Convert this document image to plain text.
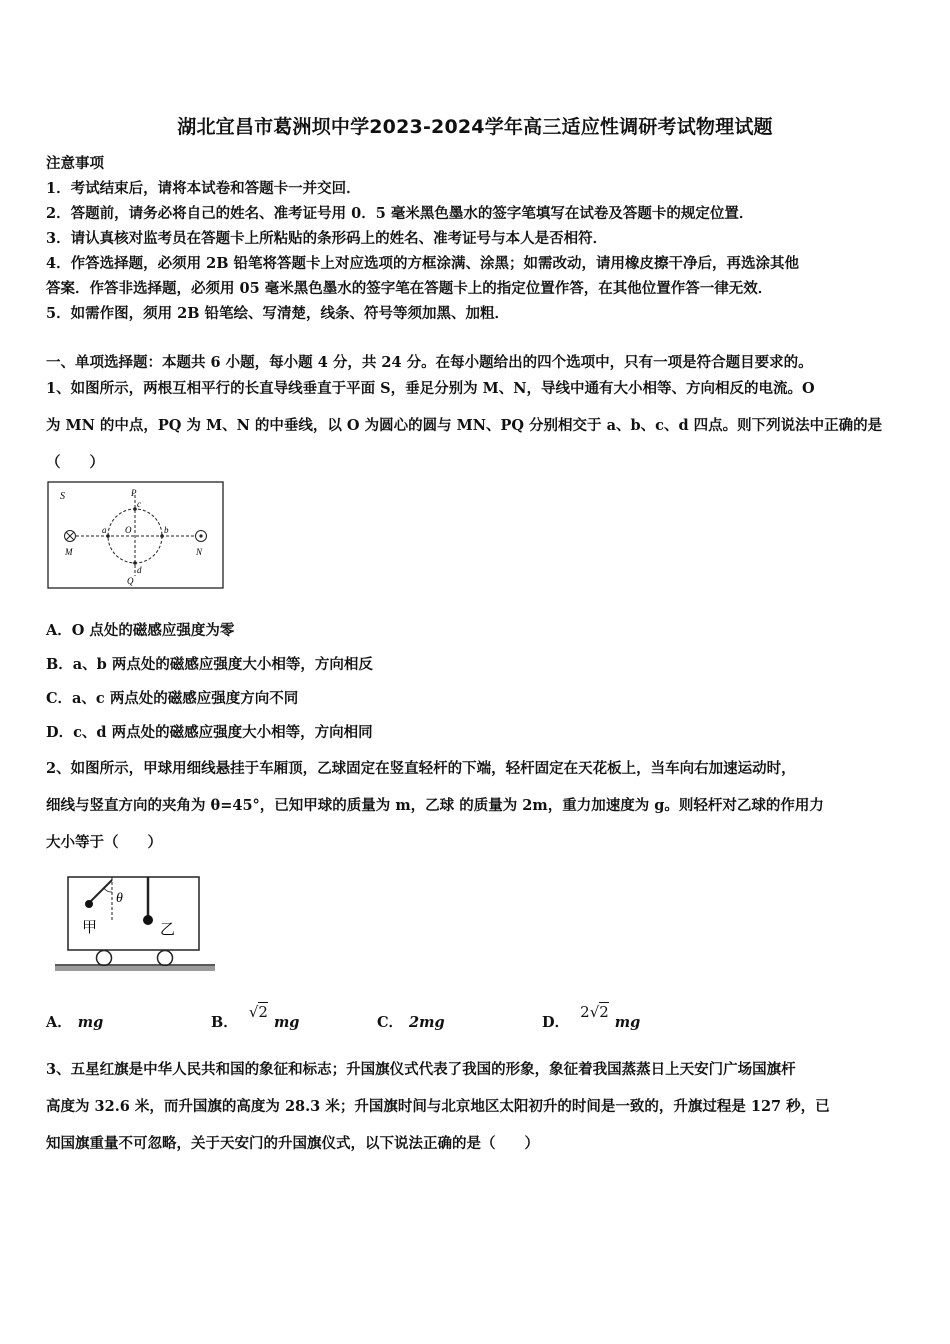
湖北宜昌市葛洲坝中学2023-2024学年高三适应性调研考试物理试题
注意事项
1．考试结束后，请将本试卷和答题卡一并交回．
2．答题前，请务必将自己的姓名、准考证号用 0．5 毫米黑色墨水的签字笔填写在试卷及答题卡的规定位置．
3．请认真核对监考员在答题卡上所粘贴的条形码上的姓名、准考证号与本人是否相符．
4．作答选择题，必须用 2B 铅笔将答题卡上对应选项的方框涂满、涂黑；如需改动，请用橡皮擦干净后，再选涂其他
答案．作答非选择题，必须用 05 毫米黑色墨水的签字笔在答题卡上的指定位置作答，在其他位置作答一律无效．
5．如需作图，须用 2B 铅笔绘、写清楚，线条、符号等须加黑、加粗．
一、单项选择题：本题共 6 小题，每小题 4 分，共 24 分。在每小题给出的四个选项中，只有一项是符合题目要求的。
1、如图所示，两根互相平行的长直导线垂直于平面 S，垂足分别为 M、N，导线中通有大小相等、方向相反的电流。O
为 MN 的中点，PQ 为 M、N 的中垂线，以 O 为圆心的圆与 MN、PQ 分别相交于 a、b、c、d 四点。则下列说法中正确的是
（　　）
S	P
c
a O	b
d
Q
M	N
A．O 点处的磁感应强度为零
B．a、b 两点处的磁感应强度大小相等，方向相反
C．a、c 两点处的磁感应强度方向不同
D．c、d 两点处的磁感应强度大小相等，方向相同
2、如图所示，甲球用细线悬挂于车厢顶，乙球固定在竖直轻杆的下端，轻杆固定在天花板上，当车向右加速运动时，
细线与竖直方向的夹角为 θ=45°，已知甲球的质量为 m，乙球 的质量为 2m，重力加速度为 g。则轻杆对乙球的作用力
大小等于（　　）
θ
甲	乙
A． mg	B． √2mg	C． 2mg	D． 2√2mg
3、五星红旗是中华人民共和国的象征和标志；升国旗仪式代表了我国的形象，象征着我国蒸蒸日上天安门广场国旗杆
高度为 32.6 米，而升国旗的高度为 28.3 米；升国旗时间与北京地区太阳初升的时间是一致的，升旗过程是 127 秒，已
知国旗重量不可忽略，关于天安门的升国旗仪式，以下说法正确的是（　　）
